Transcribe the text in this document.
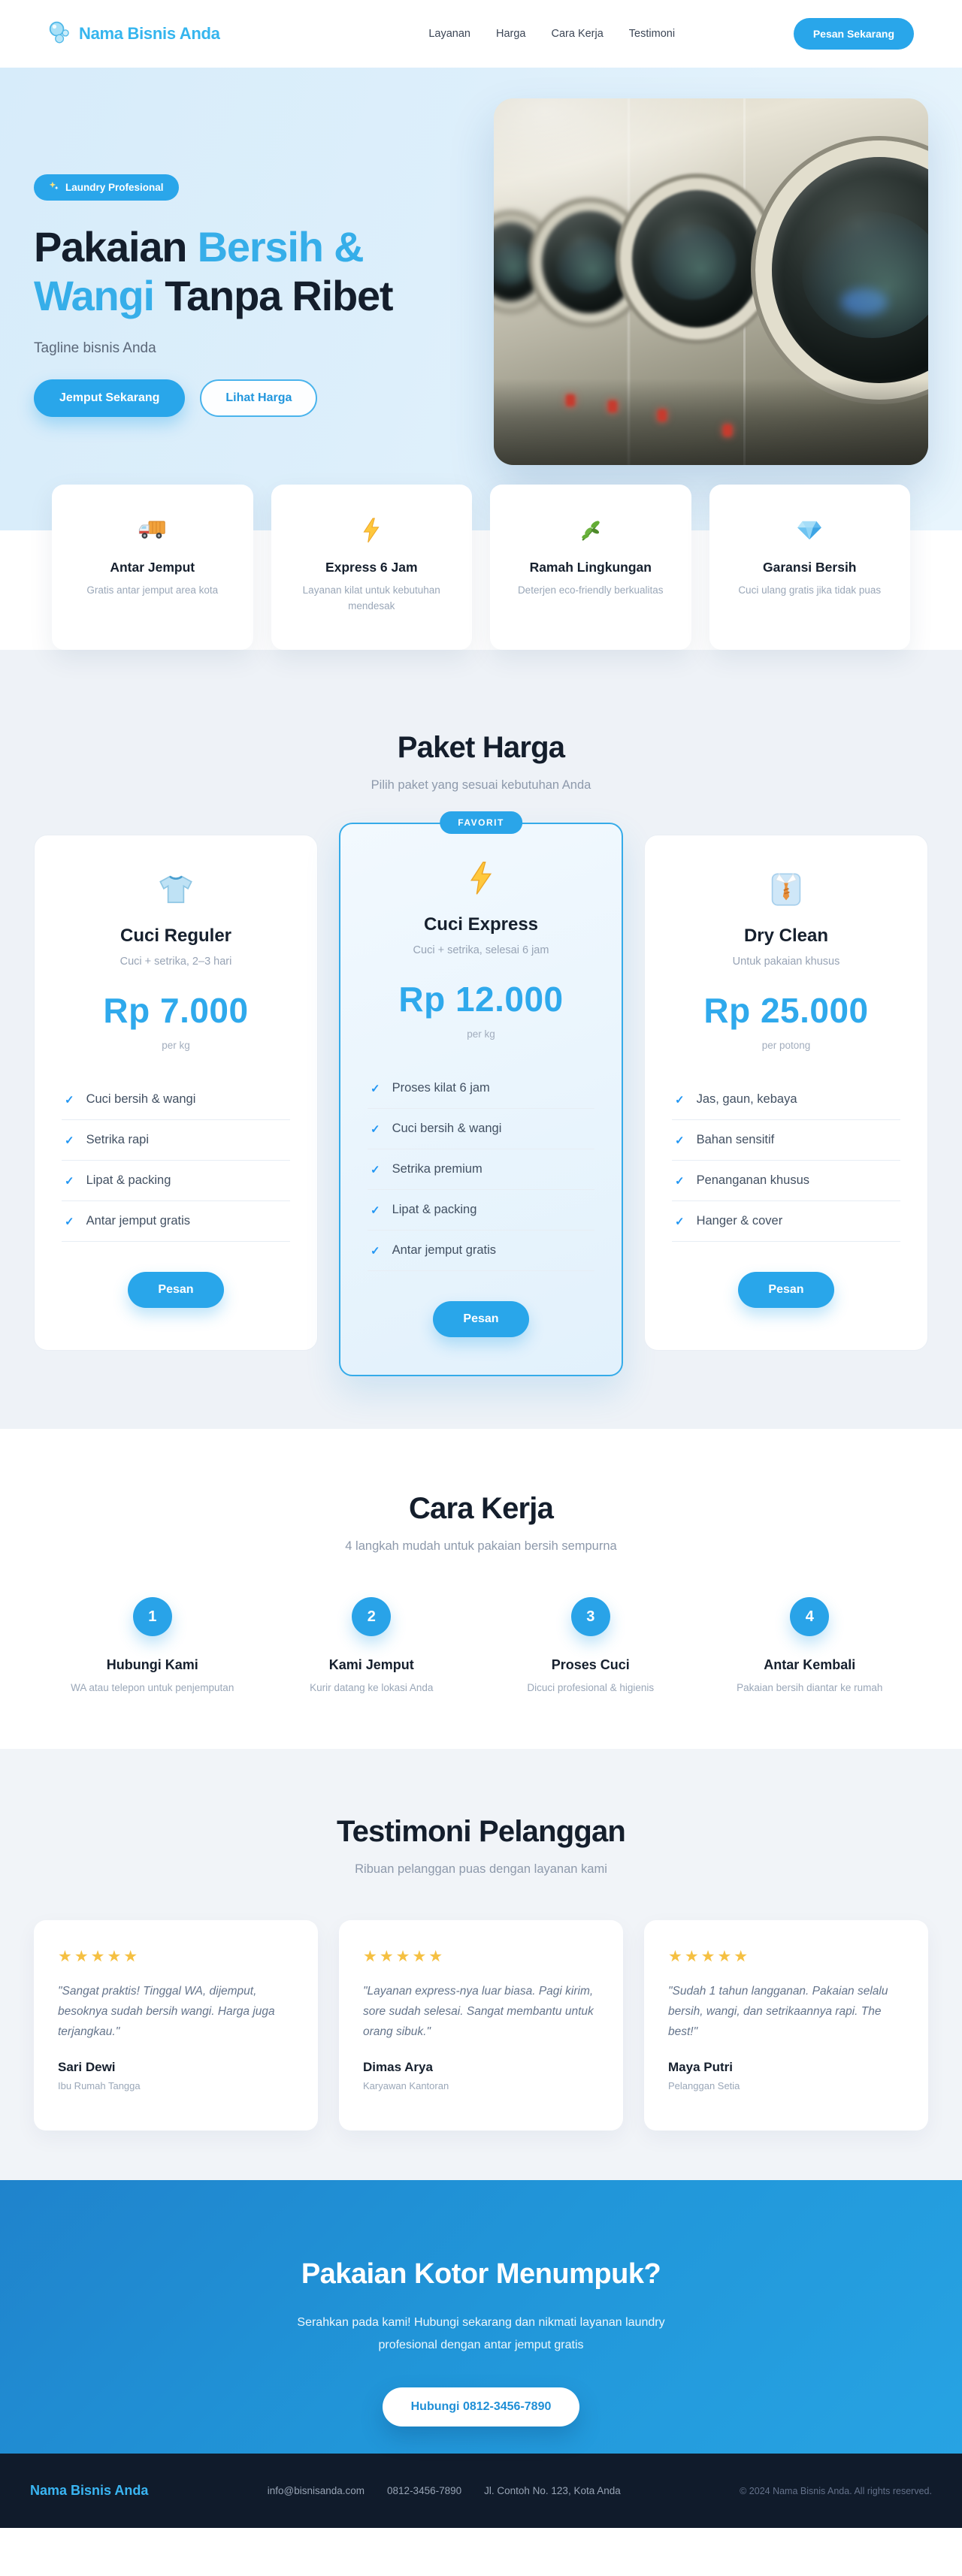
Nama Bisnis Anda	Layanan Harga Cara Kerja Testimoni	Pesan Sekarang
Laundry Profesional
Pakaian Bersih &
Wangi Tanpa Ribet

Tagline bisnis Anda

Jemput Sekarang	Lihat Harga
Antar Jemput

Gratis antar jemput area kota

Express 6 Jam

Layanan kilat untuk kebutuhan mendesak

Ramah Lingkungan

Deterjen eco-friendly berkualitas

Garansi Bersih

Cuci ulang gratis jika tidak puas

Paket Harga

Pilih paket yang sesuai kebutuhan Anda

Cuci Reguler

Cuci + setrika, 2–3 hari

Rp 7.000
per kg
✓ Cuci bersih & wangi
✓ Setrika rapi
✓ Lipat & packing
✓ Antar jemput gratis
Pesan
FAVORIT
Cuci Express

Cuci + setrika, selesai 6 jam

Rp 12.000
per kg
✓ Proses kilat 6 jam
✓ Cuci bersih & wangi
✓ Setrika premium
✓ Lipat & packing
✓ Antar jemput gratis
Pesan
Dry Clean

Untuk pakaian khusus

Rp 25.000
per potong
✓ Jas, gaun, kebaya
✓ Bahan sensitif
✓ Penanganan khusus
✓ Hanger & cover
Pesan
Cara Kerja

4 langkah mudah untuk pakaian bersih sempurna

1
Hubungi Kami

WA atau telepon untuk penjemputan

2
Kami Jemput

Kurir datang ke lokasi Anda

3
Proses Cuci

Dicuci profesional & higienis

4
Antar Kembali

Pakaian bersih diantar ke rumah

Testimoni Pelanggan

Ribuan pelanggan puas dengan layanan kami

★★★★★

"Sangat praktis! Tinggal WA, dijemput, besoknya sudah bersih wangi. Harga juga terjangkau."

Sari Dewi
Ibu Rumah Tangga
★★★★★

"Layanan express-nya luar biasa. Pagi kirim, sore sudah selesai. Sangat membantu untuk orang sibuk."

Dimas Arya
Karyawan Kantoran
★★★★★

"Sudah 1 tahun langganan. Pakaian selalu bersih, wangi, dan setrikaannya rapi. The best!"

Maya Putri
Pelanggan Setia
Pakaian Kotor Menumpuk?

Serahkan pada kami! Hubungi sekarang dan nikmati layanan laundry profesional dengan antar jemput gratis

Hubungi 0812-3456-7890
Nama Bisnis Anda	info@bisnisanda.com 0812-3456-7890 Jl. Contoh No. 123, Kota Anda	© 2024 Nama Bisnis Anda. All rights reserved.
